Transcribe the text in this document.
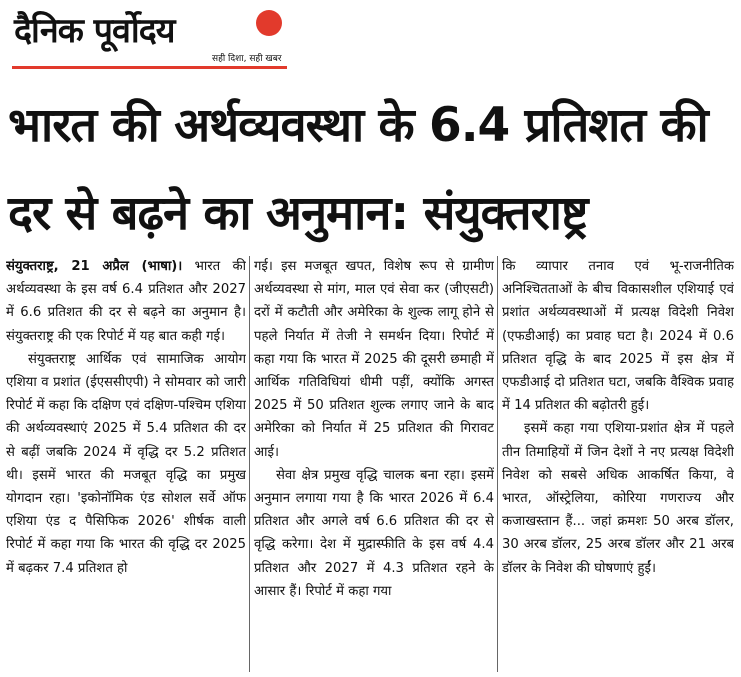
दैनिक पूर्वोदय
सही दिशा, सही खबर
भारत की अर्थव्यवस्था के 6.4 प्रतिशत की दर से बढ़ने का अनुमान: संयुक्तराष्ट्र

संयुक्तराष्ट्र, 21 अप्रैल (भाषा)। भारत की अर्थव्यवस्था के इस वर्ष 6.4 प्रतिशत और 2027 में 6.6 प्रतिशत की दर से बढ़ने का अनुमान है। संयुक्तराष्ट्र की एक रिपोर्ट में यह बात कही गई।

संयुक्तराष्ट्र आर्थिक एवं सामाजिक आयोग एशिया व प्रशांत (ईएससीएपी) ने सोमवार को जारी रिपोर्ट में कहा कि दक्षिण एवं दक्षिण-पश्चिम एशिया की अर्थव्यवस्थाएं 2025 में 5.4 प्रतिशत की दर से बढ़ीं जबकि 2024 में वृद्धि दर 5.2 प्रतिशत थी। इसमें भारत की मजबूत वृद्धि का प्रमुख योगदान रहा। 'इकोनॉमिक एंड सोशल सर्वे ऑफ एशिया एंड द पैसिफिक 2026' शीर्षक वाली रिपोर्ट में कहा गया कि भारत की वृद्धि दर 2025 में बढ़कर 7.4 प्रतिशत हो

गई। इस मजबूत खपत, विशेष रूप से ग्रामीण अर्थव्यवस्था से मांग, माल एवं सेवा कर (जीएसटी) दरों में कटौती और अमेरिका के शुल्क लागू होने से पहले निर्यात में तेजी ने समर्थन दिया। रिपोर्ट में कहा गया कि भारत में 2025 की दूसरी छमाही में आर्थिक गतिविधियां धीमी पड़ीं, क्योंकि अगस्त 2025 में 50 प्रतिशत शुल्क लगाए जाने के बाद अमेरिका को निर्यात में 25 प्रतिशत की गिरावट आई।

सेवा क्षेत्र प्रमुख वृद्धि चालक बना रहा। इसमें अनुमान लगाया गया है कि भारत 2026 में 6.4 प्रतिशत और अगले वर्ष 6.6 प्रतिशत की दर से वृद्धि करेगा। देश में मुद्रास्फीति के इस वर्ष 4.4 प्रतिशत और 2027 में 4.3 प्रतिशत रहने के आसार हैं। रिपोर्ट में कहा गया

कि व्यापार तनाव एवं भू-राजनीतिक अनिश्चितताओं के बीच विकासशील एशियाई एवं प्रशांत अर्थव्यवस्थाओं में प्रत्यक्ष विदेशी निवेश (एफडीआई) का प्रवाह घटा है। 2024 में 0.6 प्रतिशत वृद्धि के बाद 2025 में इस क्षेत्र में एफडीआई दो प्रतिशत घटा, जबकि वैश्विक प्रवाह में 14 प्रतिशत की बढ़ोतरी हुई।

इसमें कहा गया एशिया-प्रशांत क्षेत्र में पहले तीन तिमाहियों में जिन देशों ने नए प्रत्यक्ष विदेशी निवेश को सबसे अधिक आकर्षित किया, वे भारत, ऑस्ट्रेलिया, कोरिया गणराज्य और कजाखस्तान हैं... जहां क्रमशः 50 अरब डॉलर, 30 अरब डॉलर, 25 अरब डॉलर और 21 अरब डॉलर के निवेश की घोषणाएं हुईं।
